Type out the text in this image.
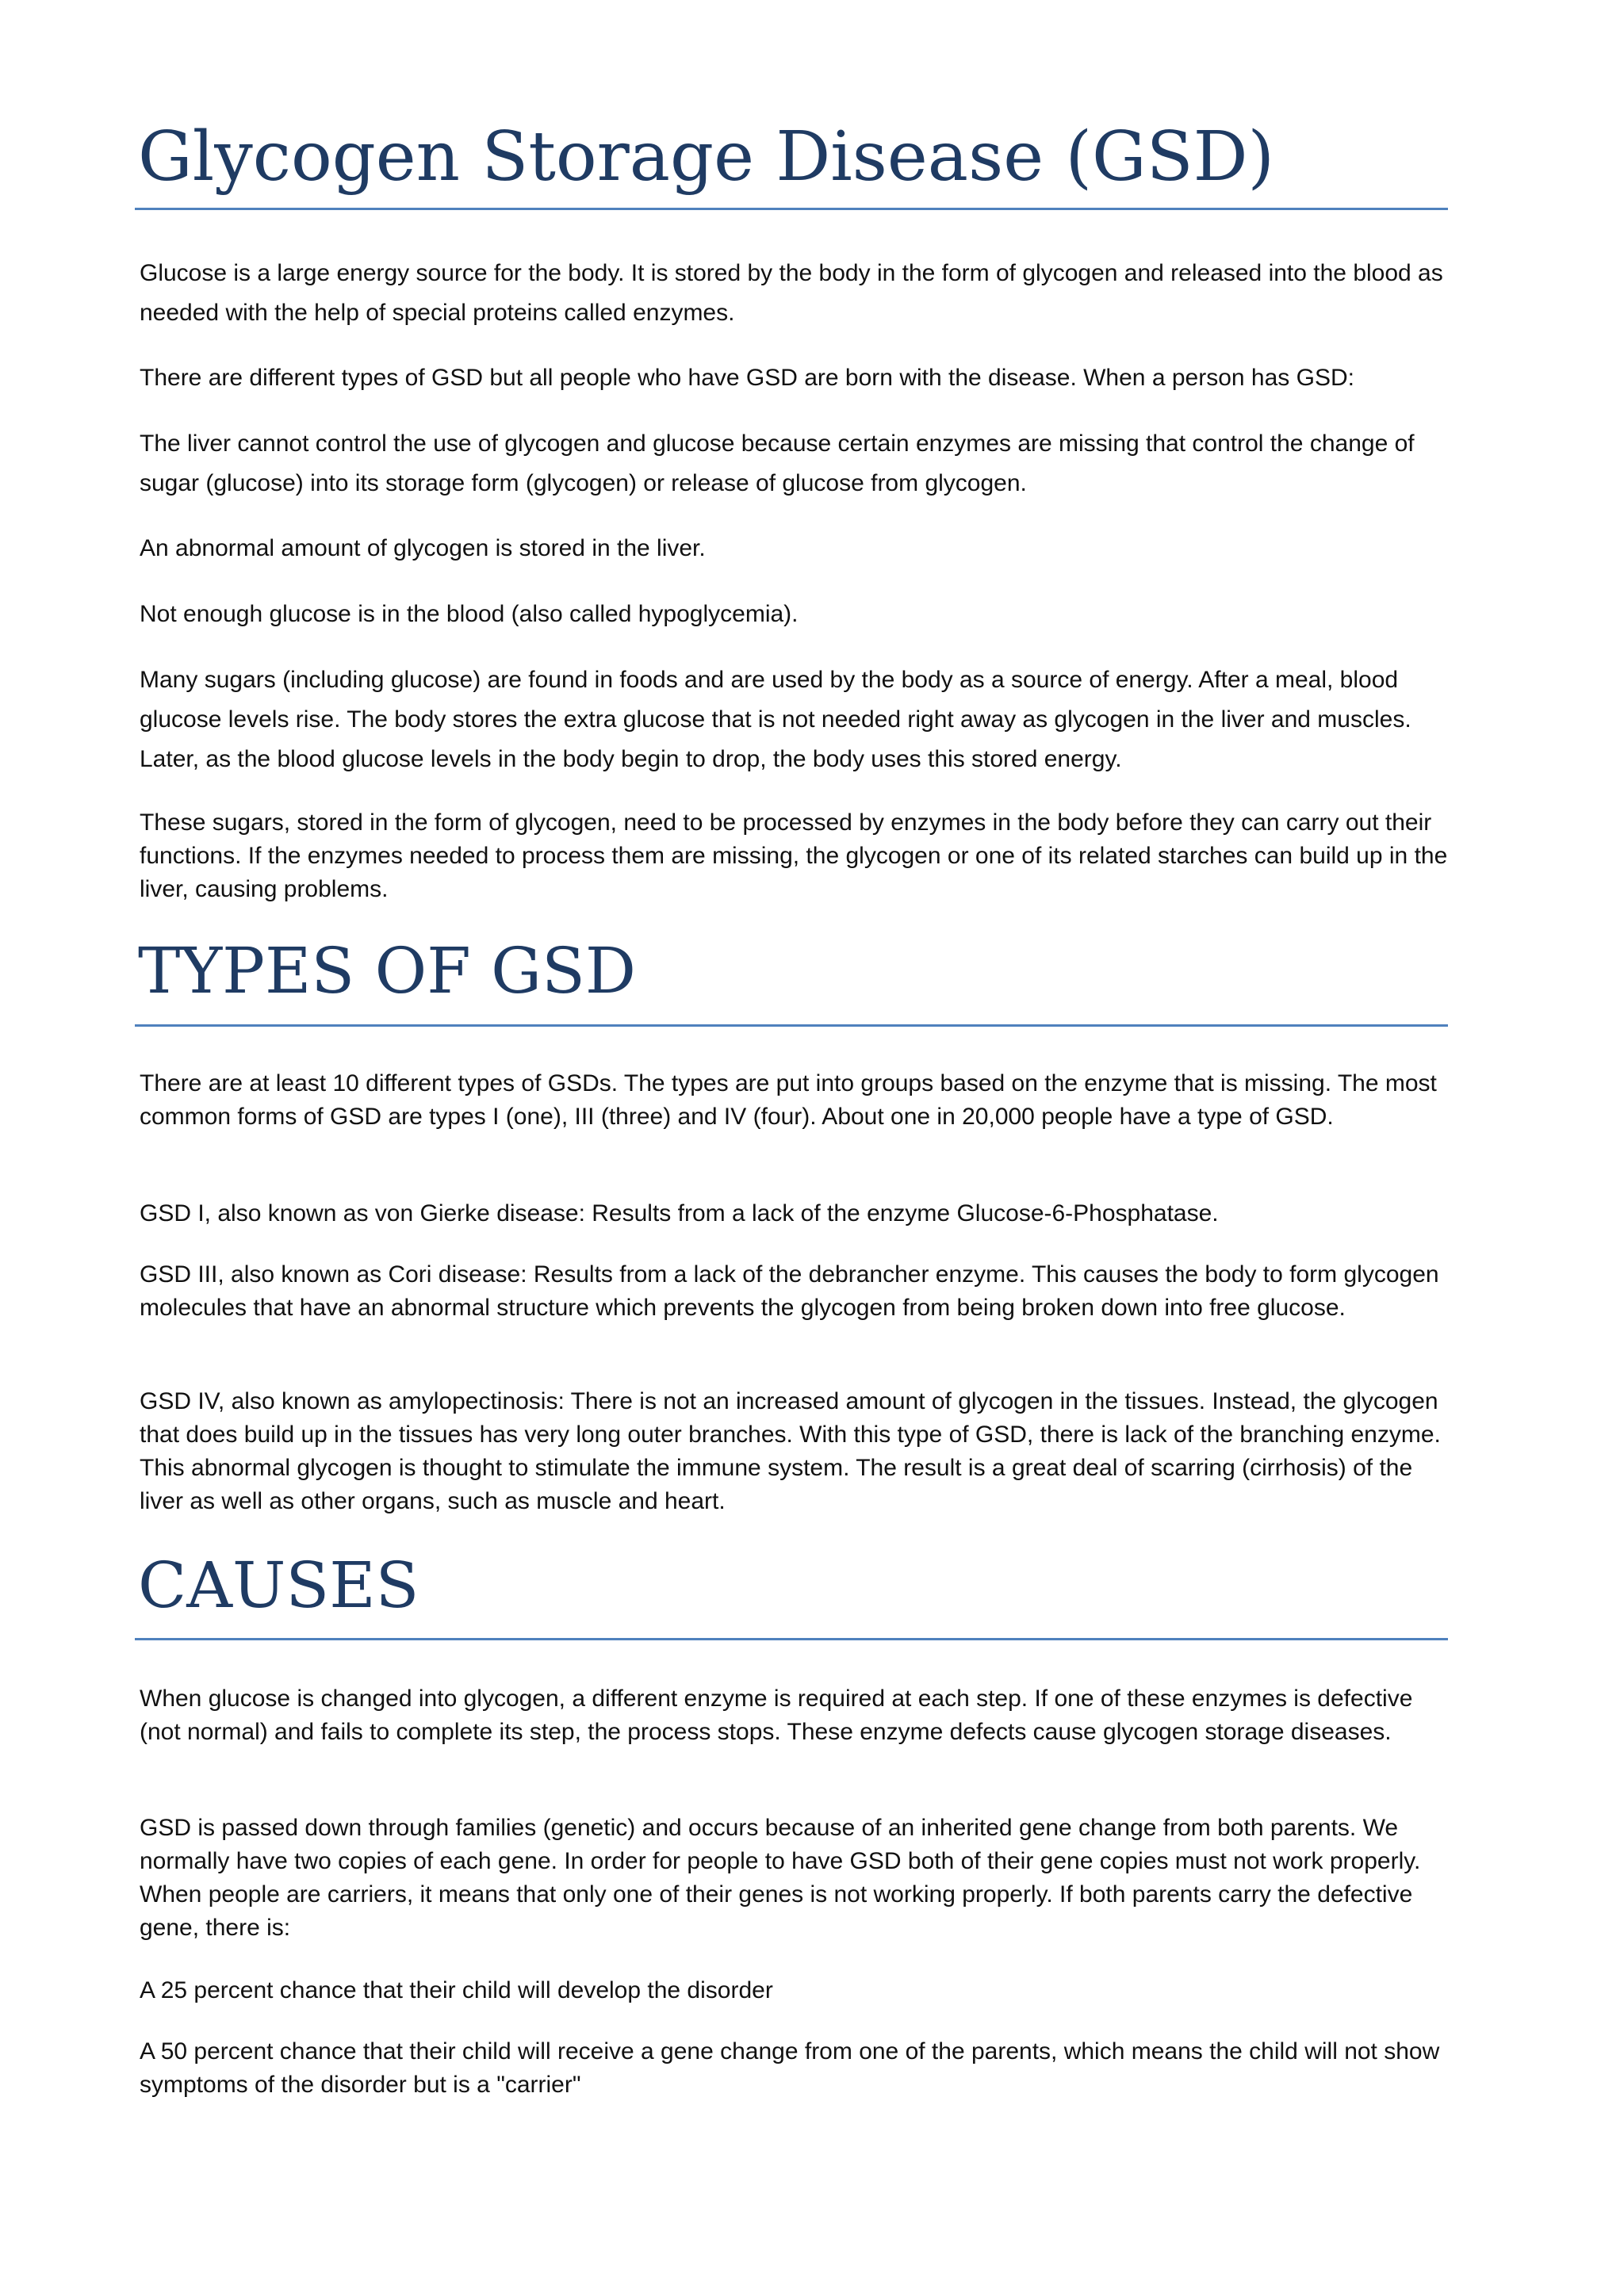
Glycogen Storage Disease (GSD)

Glucose is a large energy source for the body. It is stored by the body in the form of glycogen and released into the blood as needed with the help of special proteins called enzymes.

There are different types of GSD but all people who have GSD are born with the disease. When a person has GSD:

The liver cannot control the use of glycogen and glucose because certain enzymes are missing that control the change of sugar (glucose) into its storage form (glycogen) or release of glucose from glycogen.

An abnormal amount of glycogen is stored in the liver.

Not enough glucose is in the blood (also called hypoglycemia).

Many sugars (including glucose) are found in foods and are used by the body as a source of energy. After a meal, blood glucose levels rise. The body stores the extra glucose that is not needed right away as glycogen in the liver and muscles. Later, as the blood glucose levels in the body begin to drop, the body uses this stored energy.

These sugars, stored in the form of glycogen, need to be processed by enzymes in the body before they can carry out their functions. If the enzymes needed to process them are missing, the glycogen or one of its related starches can build up in the liver, causing problems.

TYPES OF GSD

There are at least 10 different types of GSDs. The types are put into groups based on the enzyme that is missing. The most common forms of GSD are types I (one), III (three) and IV (four). About one in 20,000 people have a type of GSD.

GSD I, also known as von Gierke disease: Results from a lack of the enzyme Glucose-6-Phosphatase.

GSD III, also known as Cori disease: Results from a lack of the debrancher enzyme. This causes the body to form glycogen molecules that have an abnormal structure which prevents the glycogen from being broken down into free glucose.

GSD IV, also known as amylopectinosis: There is not an increased amount of glycogen in the tissues. Instead, the glycogen that does build up in the tissues has very long outer branches. With this type of GSD, there is lack of the branching enzyme. This abnormal glycogen is thought to stimulate the immune system. The result is a great deal of scarring (cirrhosis) of the liver as well as other organs, such as muscle and heart.

CAUSES

When glucose is changed into glycogen, a different enzyme is required at each step. If one of these enzymes is defective (not normal) and fails to complete its step, the process stops. These enzyme defects cause glycogen storage diseases.

GSD is passed down through families (genetic) and occurs because of an inherited gene change from both parents. We normally have two copies of each gene. In order for people to have GSD both of their gene copies must not work properly. When people are carriers, it means that only one of their genes is not working properly. If both parents carry the defective gene, there is:

A 25 percent chance that their child will develop the disorder

A 50 percent chance that their child will receive a gene change from one of the parents, which means the child will not show symptoms of the disorder but is a "carrier"
